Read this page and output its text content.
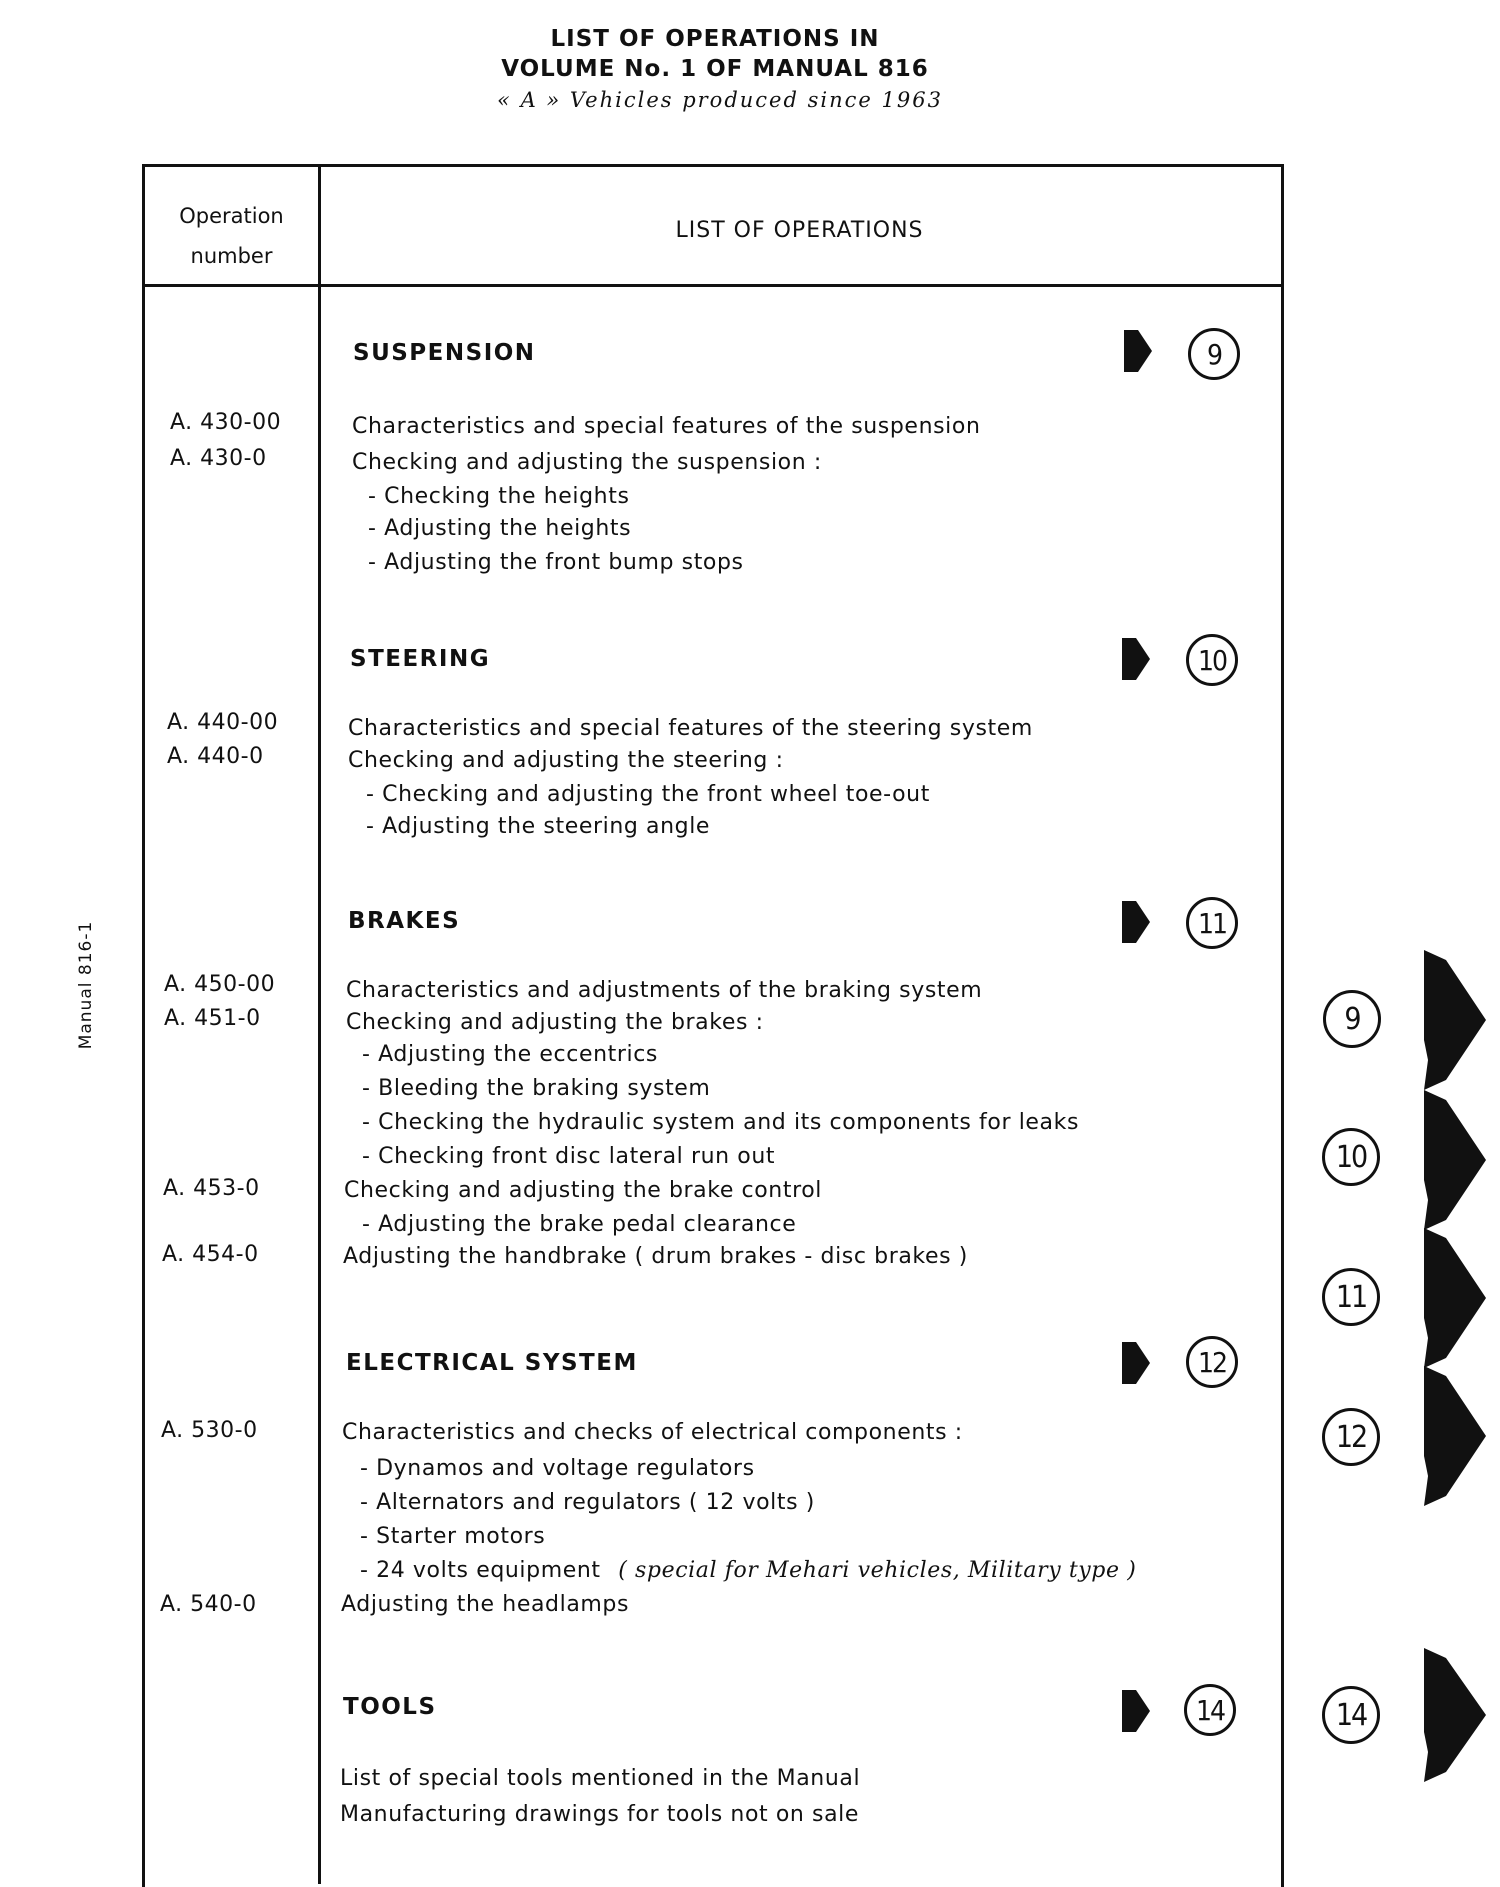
LIST OF OPERATIONS IN
VOLUME No. 1 OF MANUAL 816
« A » Vehicles produced since 1963
Manual 816-1
Operation
number
LIST OF OPERATIONS
SUSPENSION	9
A. 430-00	Characteristics and special features of the suspension
A. 430-0	Checking and adjusting the suspension :
- Checking the heights
- Adjusting the heights
- Adjusting the front bump stops
STEERING	10
A. 440-00	Characteristics and special features of the steering system
A. 440-0	Checking and adjusting the steering :
- Checking and adjusting the front wheel toe-out
- Adjusting the steering angle
BRAKES	11
A. 450-00	Characteristics and adjustments of the braking system
A. 451-0	Checking and adjusting the brakes :
- Adjusting the eccentrics
- Bleeding the braking system
- Checking the hydraulic system and its components for leaks
- Checking front disc lateral run out
A. 453-0	Checking and adjusting the brake control
- Adjusting the brake pedal clearance
A. 454-0	Adjusting the handbrake ( drum brakes - disc brakes )
ELECTRICAL SYSTEM	12
A. 530-0	Characteristics and checks of electrical components :
- Dynamos and voltage regulators
- Alternators and regulators ( 12 volts )
- Starter motors
- 24 volts equipment ( special for Mehari vehicles, Military type )
A. 540-0	Adjusting the headlamps
TOOLS	14
List of special tools mentioned in the Manual
Manufacturing drawings for tools not on sale
9
10
11
12
14
